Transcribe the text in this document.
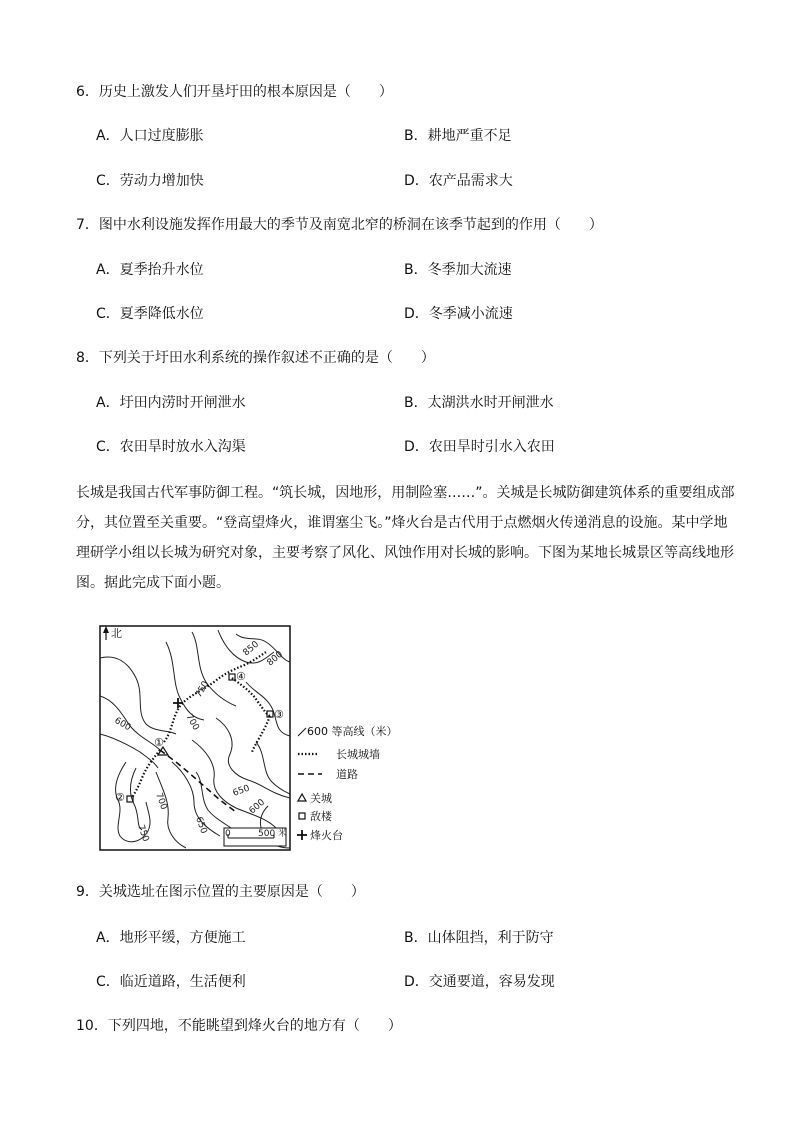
6．历史上激发人们开垦圩田的根本原因是（　　）
A．人口过度膨胀	B．耕地严重不足
C．劳动力增加快	D．农产品需求大
7．图中水利设施发挥作用最大的季节及南宽北窄的桥洞在该季节起到的作用（　　）
A．夏季抬升水位	B．冬季加大流速
C．夏季降低水位	D．冬季减小流速
8．下列关于圩田水利系统的操作叙述不正确的是（　　）
A．圩田内涝时开闸泄水	B．太湖洪水时开闸泄水
C．农田旱时放水入沟渠	D．农田旱时引水入农田
长城是我国古代军事防御工程。“筑长城，因地形，用制险塞……”。关城是长城防御建筑体系的重要组成部分，其位置至关重要。“登高望烽火，谁谓塞尘飞。”烽火台是古代用于点燃烟火传递消息的设施。某中学地理研学小组以长城为研究对象，主要考察了风化、风蚀作用对长城的影响。下图为某地长城景区等高线地形图。据此完成下面小题。
北
850
800
750
700
600
650
700
750	650
600
①
②
③
④
0	500 米
600 等高线（米）
长城城墙
道路
关城
敌楼
烽火台
9．关城选址在图示位置的主要原因是（　　）
A．地形平缓，方便施工	B．山体阻挡，利于防守
C．临近道路，生活便利	D．交通要道，容易发现
10．下列四地，不能眺望到烽火台的地方有（　　）
